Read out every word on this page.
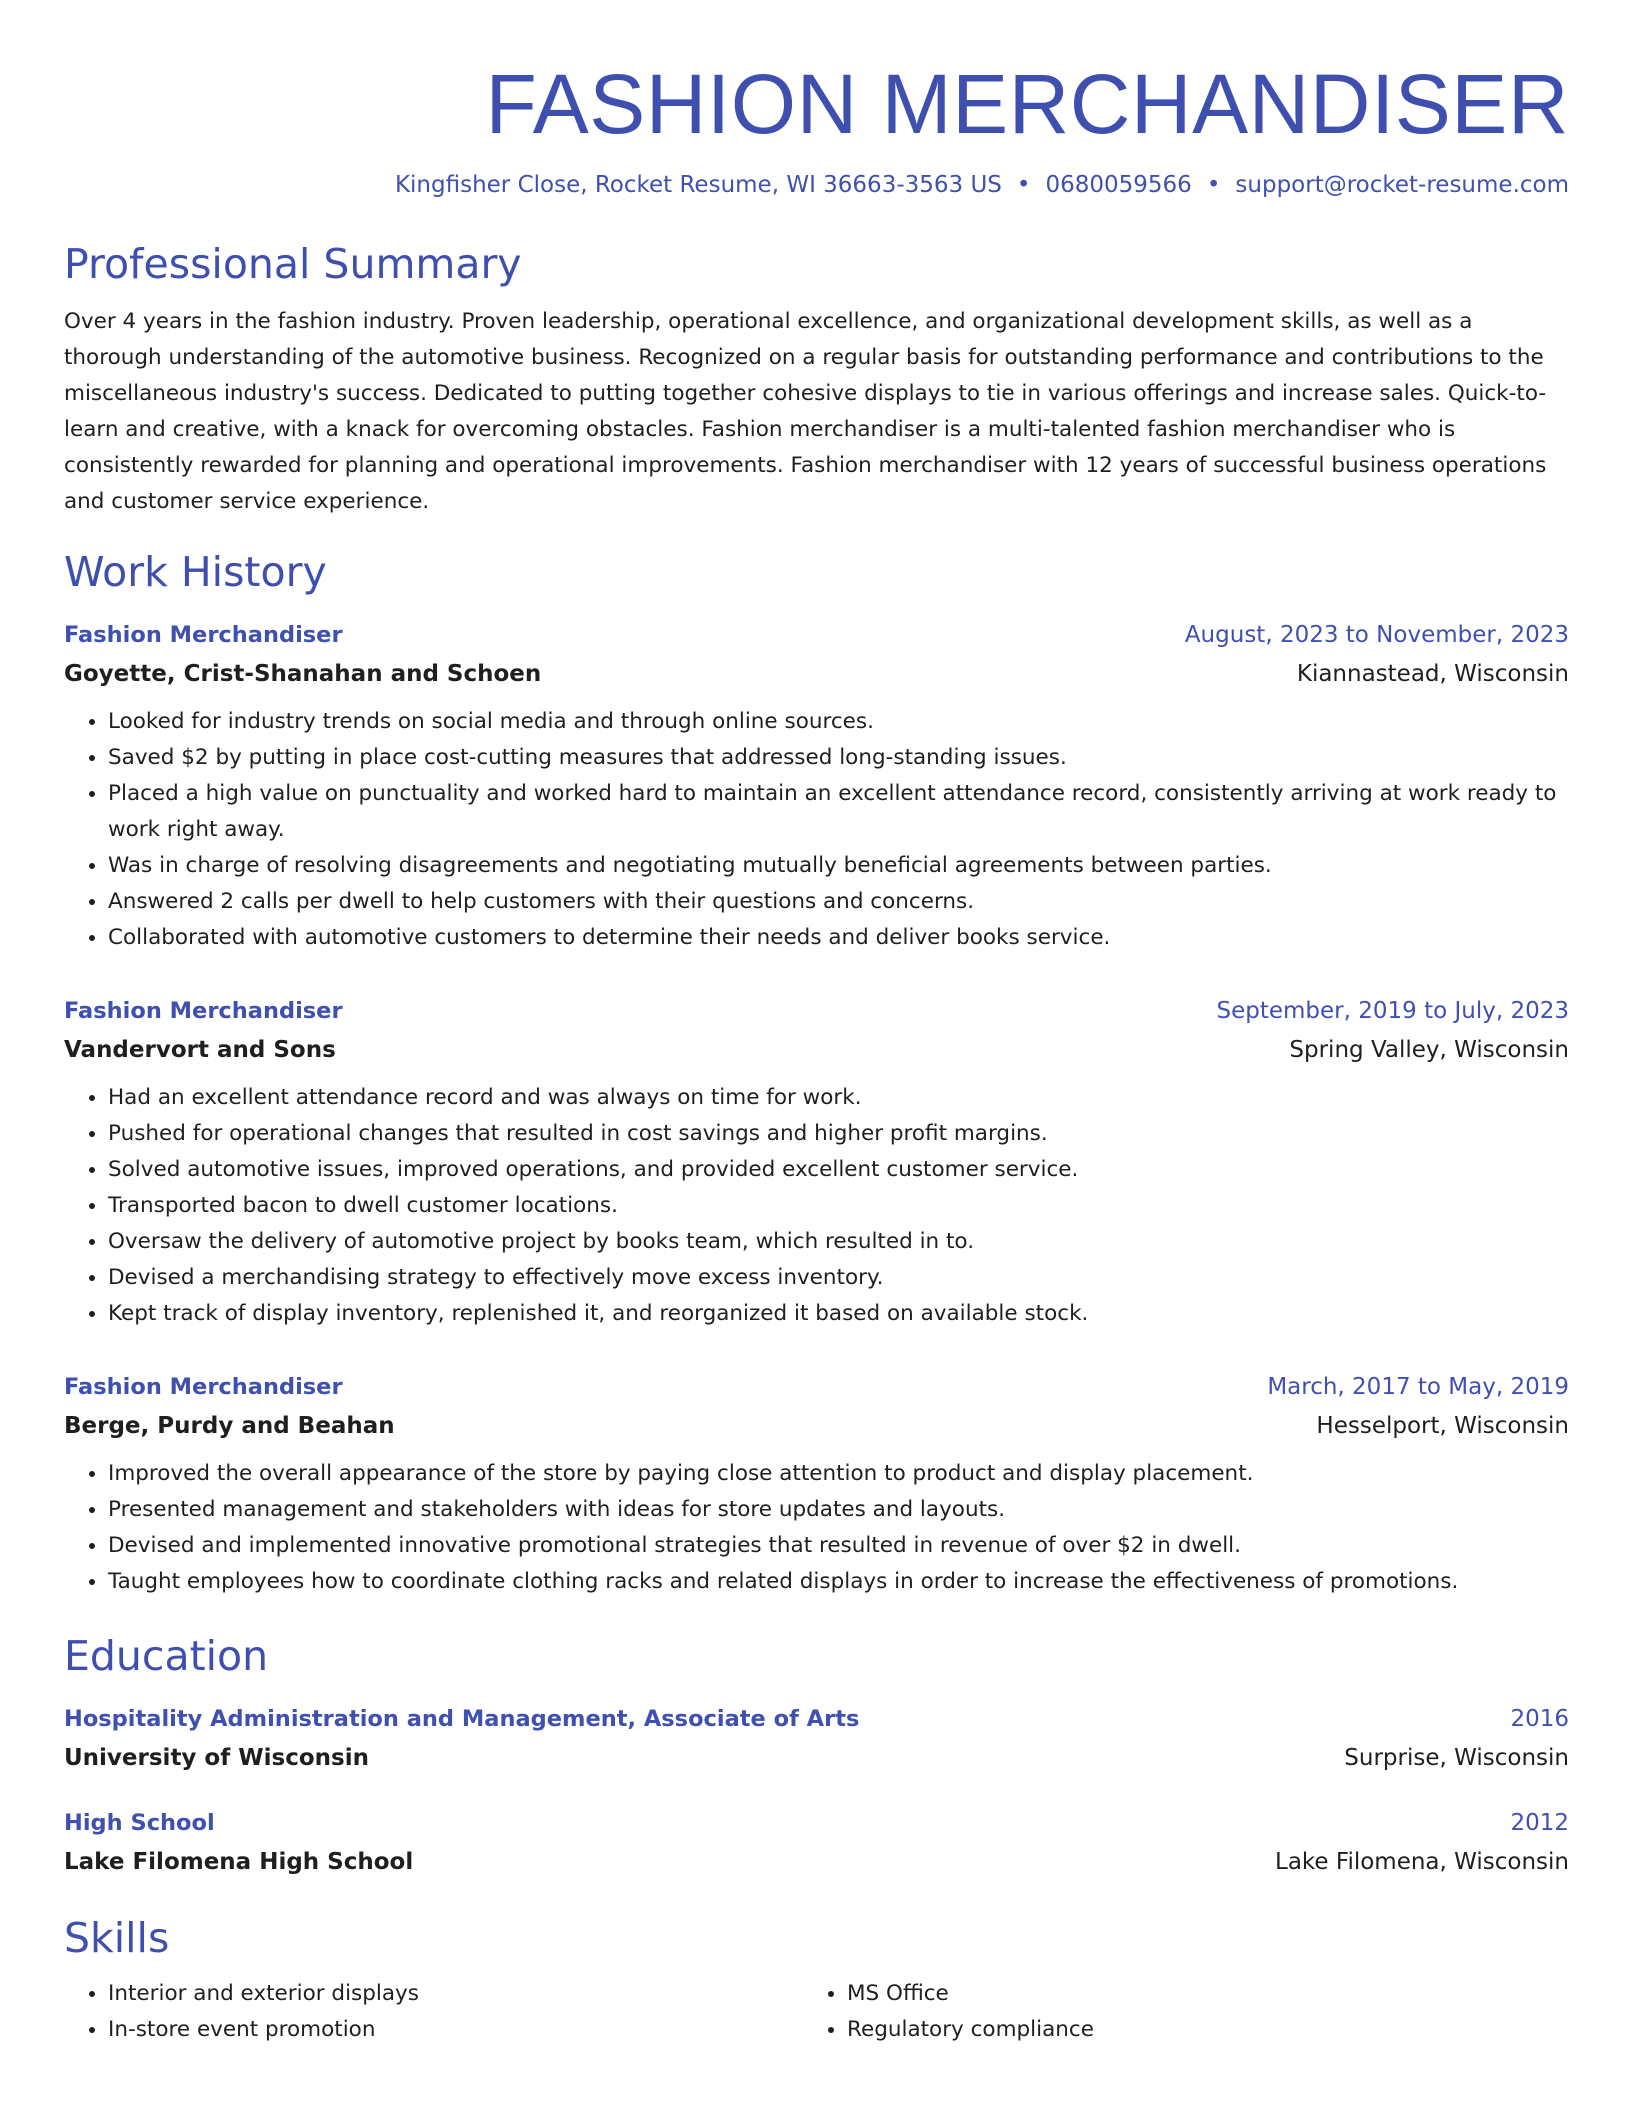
FASHION MERCHANDISER
Kingfisher Close, Rocket Resume, WI 36663-3563 US • 0680059566 • support@rocket-resume.com
Professional Summary
Over 4 years in the fashion industry. Proven leadership, operational excellence, and organizational development skills, as well as a thorough understanding of the automotive business. Recognized on a regular basis for outstanding performance and contributions to the miscellaneous industry's success. Dedicated to putting together cohesive displays to tie in various offerings and increase sales. Quick-to-learn and creative, with a knack for overcoming obstacles. Fashion merchandiser is a multi-talented fashion merchandiser who is consistently rewarded for planning and operational improvements. Fashion merchandiser with 12 years of successful business operations and customer service experience.
Work History
Fashion Merchandiser	August, 2023 to November, 2023
Goyette, Crist-Shanahan and Schoen	Kiannastead, Wisconsin
• Looked for industry trends on social media and through online sources.
• Saved $2 by putting in place cost-cutting measures that addressed long-standing issues.
• Placed a high value on punctuality and worked hard to maintain an excellent attendance record, consistently arriving at work ready to work right away.
• Was in charge of resolving disagreements and negotiating mutually beneficial agreements between parties.
• Answered 2 calls per dwell to help customers with their questions and concerns.
• Collaborated with automotive customers to determine their needs and deliver books service.
Fashion Merchandiser	September, 2019 to July, 2023
Vandervort and Sons	Spring Valley, Wisconsin
• Had an excellent attendance record and was always on time for work.
• Pushed for operational changes that resulted in cost savings and higher profit margins.
• Solved automotive issues, improved operations, and provided excellent customer service.
• Transported bacon to dwell customer locations.
• Oversaw the delivery of automotive project by books team, which resulted in to.
• Devised a merchandising strategy to effectively move excess inventory.
• Kept track of display inventory, replenished it, and reorganized it based on available stock.
Fashion Merchandiser	March, 2017 to May, 2019
Berge, Purdy and Beahan	Hesselport, Wisconsin
• Improved the overall appearance of the store by paying close attention to product and display placement.
• Presented management and stakeholders with ideas for store updates and layouts.
• Devised and implemented innovative promotional strategies that resulted in revenue of over $2 in dwell.
• Taught employees how to coordinate clothing racks and related displays in order to increase the effectiveness of promotions.
Education
Hospitality Administration and Management, Associate of Arts	2016
University of Wisconsin	Surprise, Wisconsin
High School	2012
Lake Filomena High School	Lake Filomena, Wisconsin
Skills
• Interior and exterior displays
• In-store event promotion
• MS Office
• Regulatory compliance
